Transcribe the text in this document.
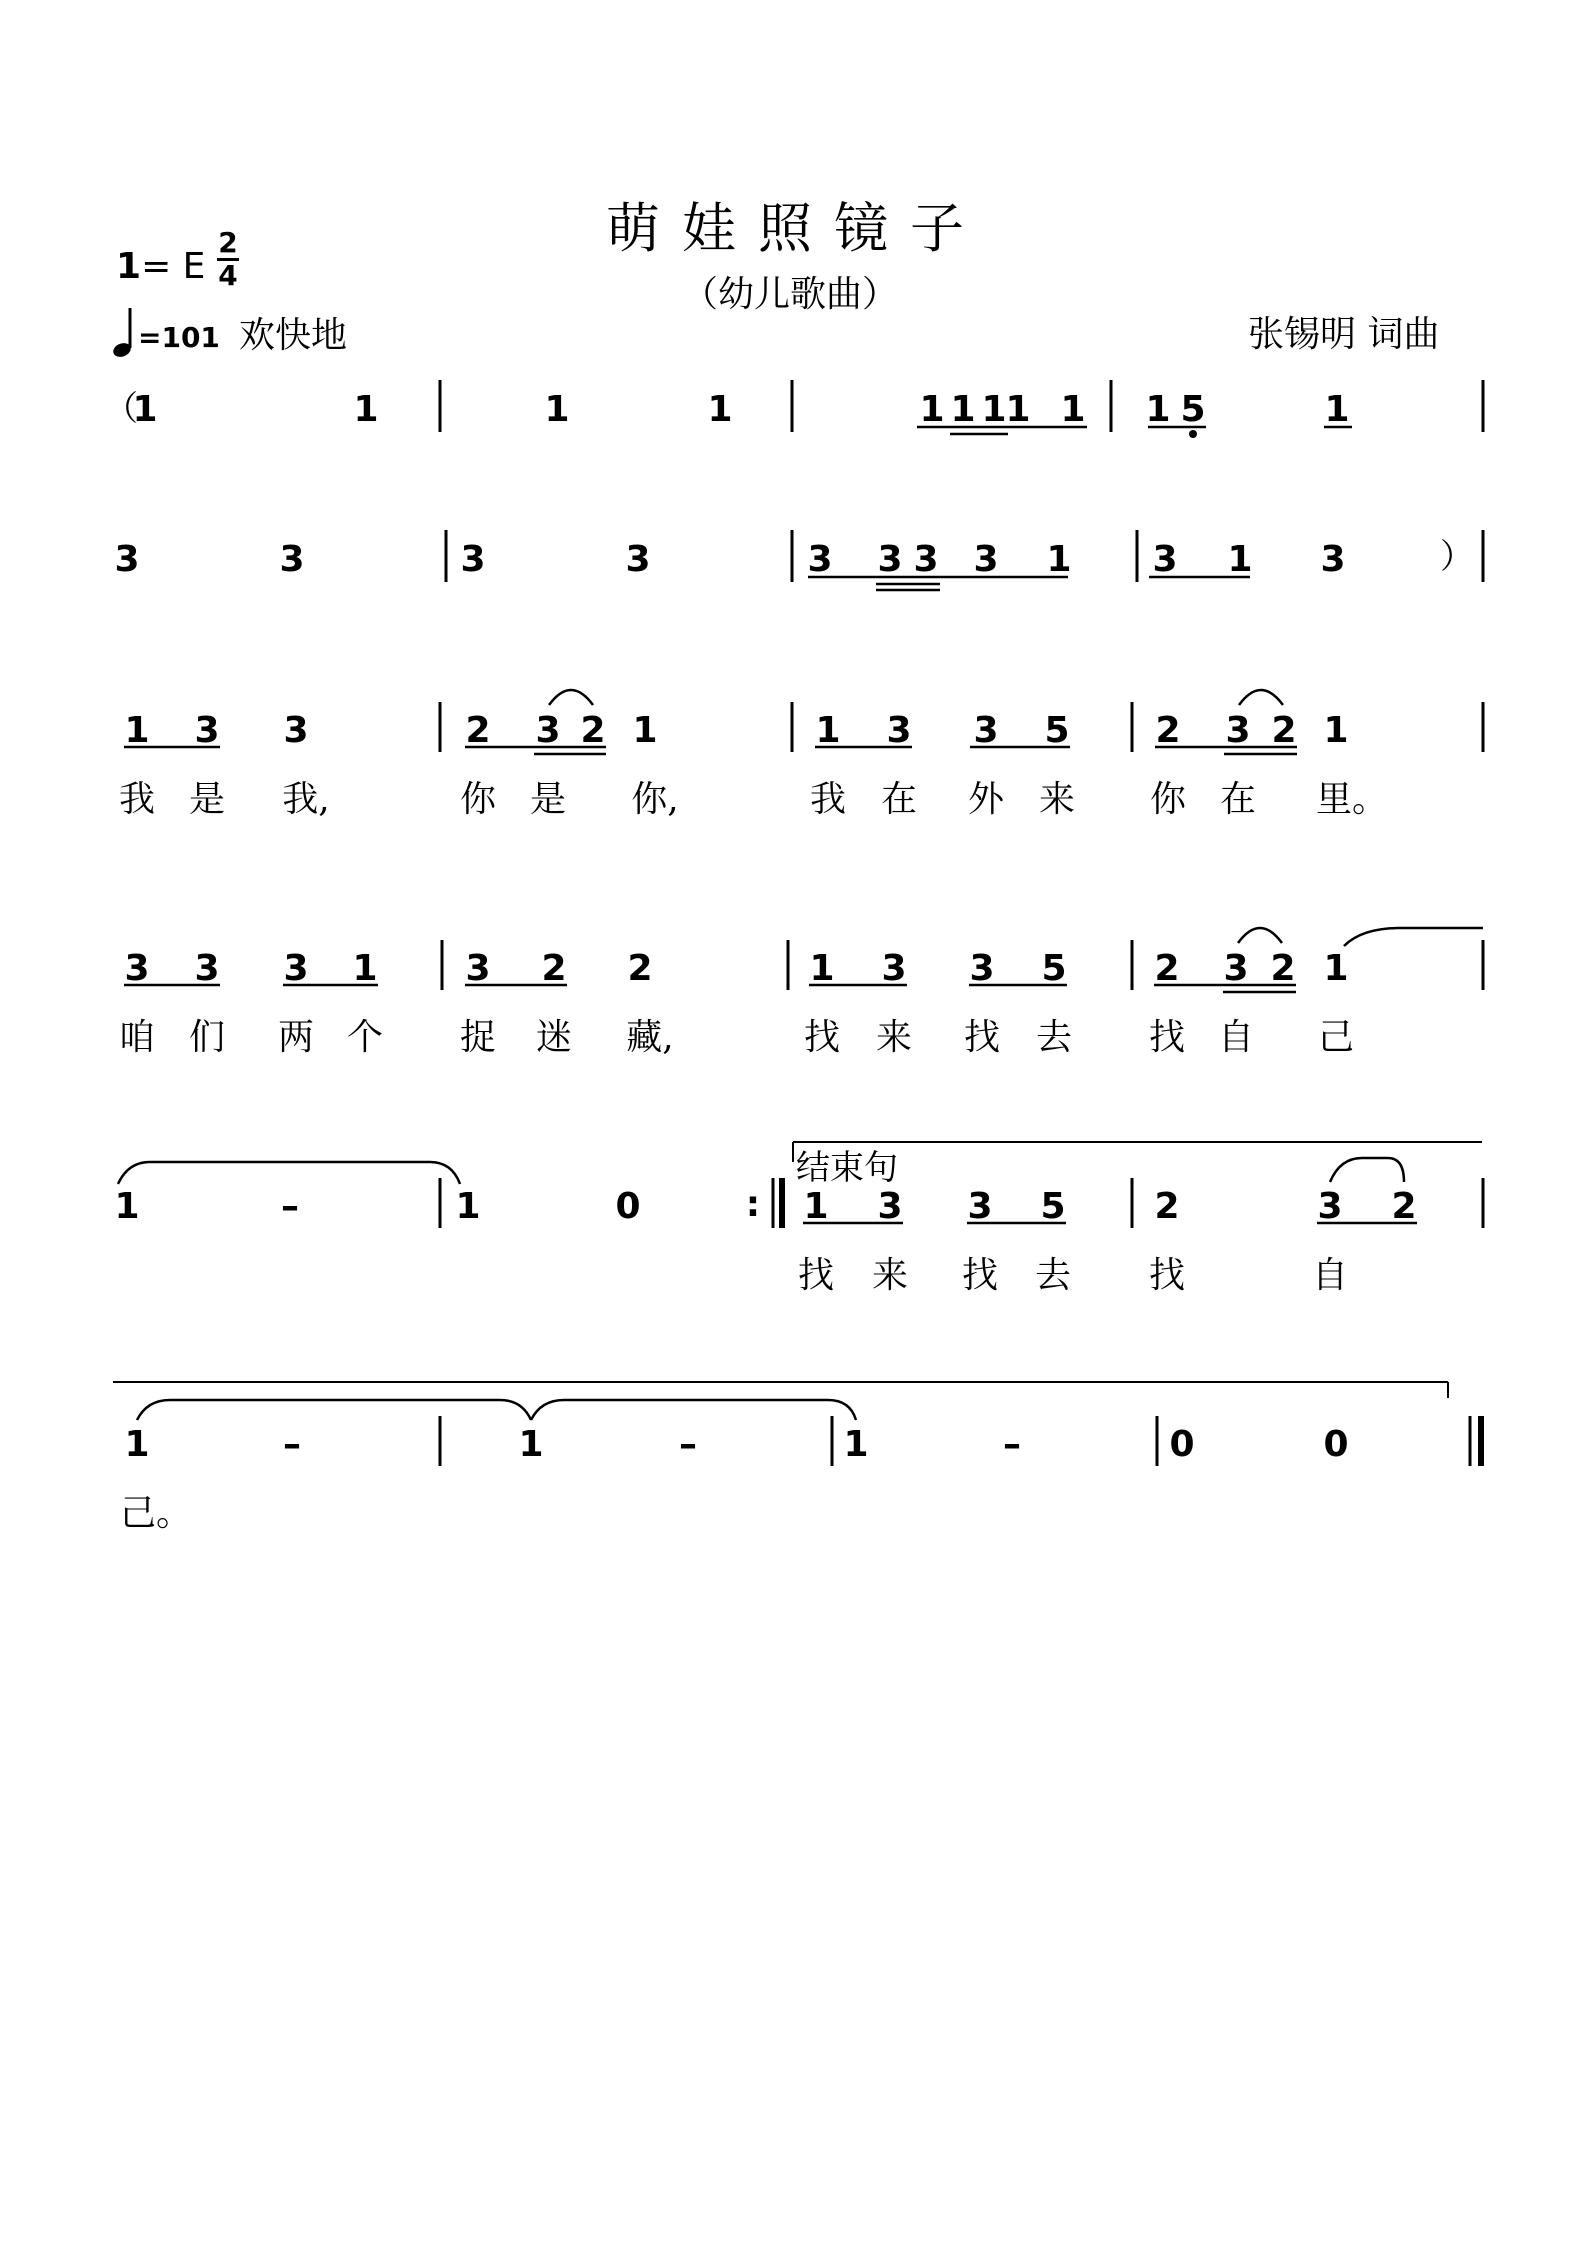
萌娃照镜子
（幼儿歌曲）
张锡明 词曲
1= E
2
4
=101 欢快地
（
1	1	1	1	1 1 1
1 1 1 5	1
3	3	3	3	3 3 3 3 1 3 1 3	）
1 3 3	2 3 2 1	1 3 3 5 2 3 2 1
我 是 我,	你 是 你,	我 在 外 来 你 在 里。
3 3 3 1 3 2 2	1 3 3 5 2 3 2 1
咱 们 两 个 捉 迷 藏,	找 来 找 去 找 自 己
1	–	1	0	: 1 3 3 5 2	3 2
找 来 找 去 找	自
结束句
1	–	1	–	1	–	0	0
己。
